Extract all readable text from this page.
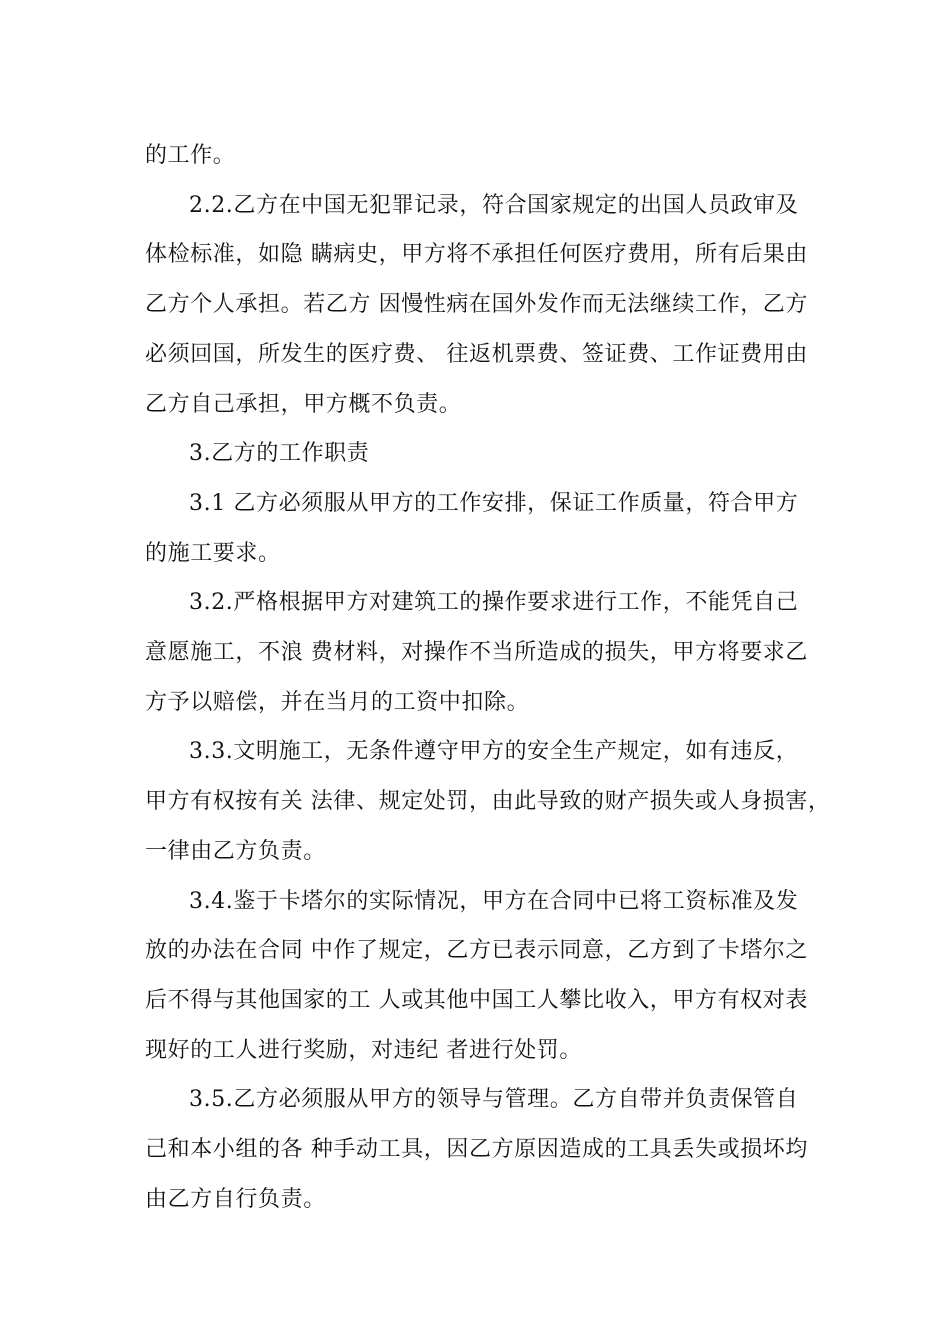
的工作。

2.2.乙方在中国无犯罪记录，符合国家规定的出国人员政审及
体检标准，如隐 瞒病史，甲方将不承担任何医疗费用，所有后果由
乙方个人承担。若乙方 因慢性病在国外发作而无法继续工作，乙方
必须回国，所发生的医疗费、 往返机票费、签证费、工作证费用由
乙方自己承担，甲方概不负责。

3.乙方的工作职责

3.1 乙方必须服从甲方的工作安排，保证工作质量，符合甲方
的施工要求。

3.2.严格根据甲方对建筑工的操作要求进行工作，不能凭自己
意愿施工，不浪 费材料，对操作不当所造成的损失，甲方将要求乙
方予以赔偿，并在当月的工资中扣除。

3.3.文明施工，无条件遵守甲方的安全生产规定，如有违反，
甲方有权按有关 法律、规定处罚，由此导致的财产损失或人身损害，
一律由乙方负责。

3.4.鉴于卡塔尔的实际情况，甲方在合同中已将工资标准及发
放的办法在合同 中作了规定，乙方已表示同意，乙方到了卡塔尔之
后不得与其他国家的工 人或其他中国工人攀比收入，甲方有权对表
现好的工人进行奖励，对违纪 者进行处罚。

3.5.乙方必须服从甲方的领导与管理。乙方自带并负责保管自
己和本小组的各 种手动工具，因乙方原因造成的工具丢失或损坏均
由乙方自行负责。
